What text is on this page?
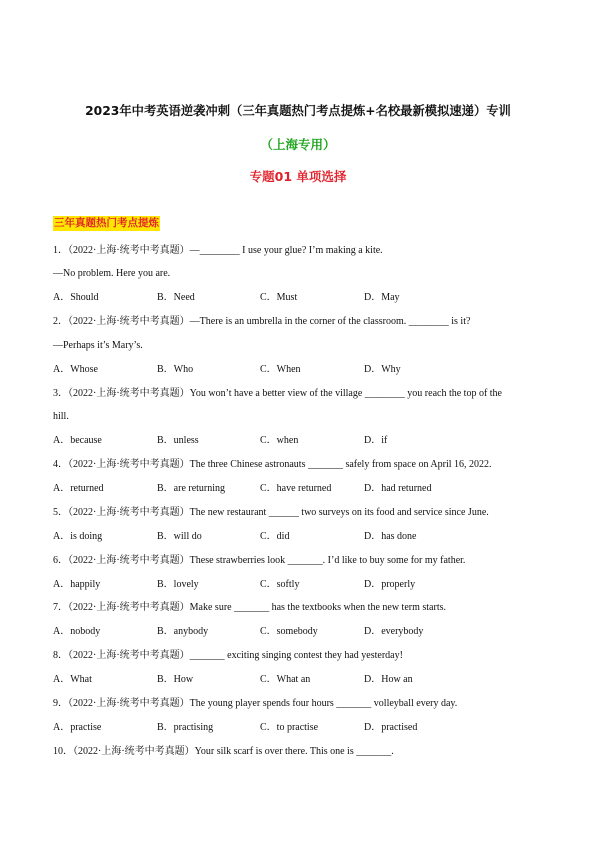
2023年中考英语逆袭冲刺（三年真题热门考点提炼+名校最新模拟速递）专训
（上海专用）
专题01 单项选择
三年真题热门考点提炼
1．（2022·上海·统考中考真题）—________ I use your glue? I’m making a kite.
—No problem. Here you are.
A．Should	B．Need	C．Must	D．May
2．（2022·上海·统考中考真题）—There is an umbrella in the corner of the classroom. ________ is it?
—Perhaps it’s Mary’s.
A．Whose	B．Who	C．When	D．Why
3．（2022·上海·统考中考真题）You won’t have a better view of the village ________ you reach the top of the
hill.
A．because	B．unless	C．when	D．if
4．（2022·上海·统考中考真题）The three Chinese astronauts _______ safely from space on April 16, 2022.
A．returned	B．are returning	C．have returned	D．had returned
5．（2022·上海·统考中考真题）The new restaurant ______ two surveys on its food and service since June.
A．is doing	B．will do	C．did	D．has done
6．（2022·上海·统考中考真题）These strawberries look _______. I’d like to buy some for my father.
A．happily	B．lovely	C．softly	D．properly
7．（2022·上海·统考中考真题）Make sure _______ has the textbooks when the new term starts.
A．nobody	B．anybody	C．somebody	D．everybody
8．（2022·上海·统考中考真题）_______ exciting singing contest they had yesterday!
A．What	B．How	C．What an	D．How an
9．（2022·上海·统考中考真题）The young player spends four hours _______ volleyball every day.
A．practise	B．practising	C．to practise	D．practised
10．（2022·上海·统考中考真题）Your silk scarf is over there. This one is _______.
